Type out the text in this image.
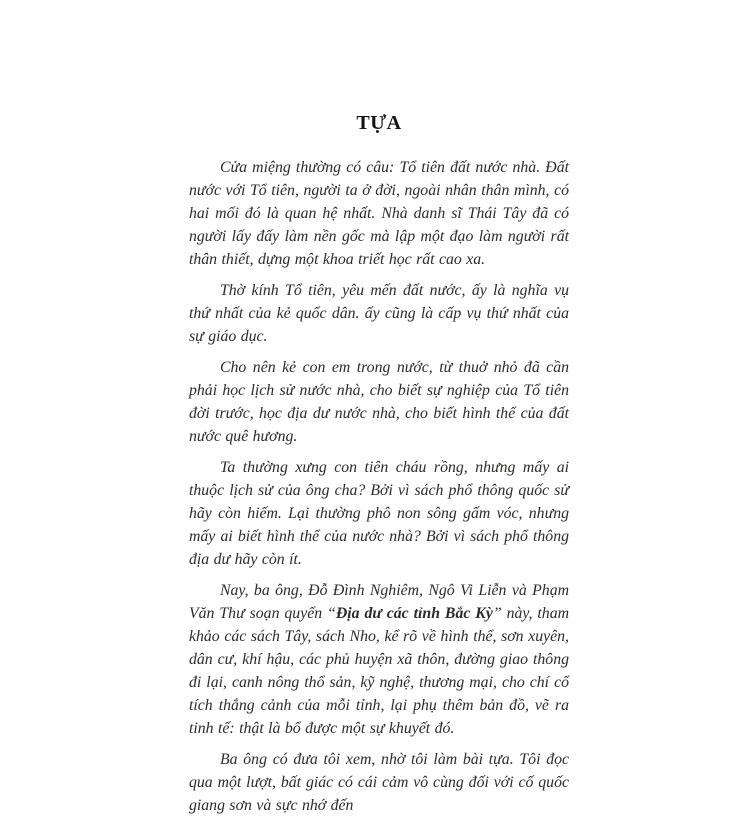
TỰA

Cửa miệng thường có câu: Tổ tiên đất nước nhà. Đất nước với Tổ tiên, người ta ở đời, ngoài nhân thân mình, có hai mối đó là quan hệ nhất. Nhà danh sĩ Thái Tây đã có người lấy đấy làm nền gốc mà lập một đạo làm người rất thân thiết, dựng một khoa triết học rất cao xa.

Thờ kính Tổ tiên, yêu mến đất nước, ấy là nghĩa vụ thứ nhất của kẻ quốc dân. ấy cũng là cấp vụ thứ nhất của sự giáo dục.

Cho nên kẻ con em trong nước, từ thuở nhỏ đã cần phải học lịch sử nước nhà, cho biết sự nghiệp của Tổ tiên đời trước, học địa dư nước nhà, cho biết hình thể của đất nước quê hương.

Ta thường xưng con tiên cháu rồng, nhưng mấy ai thuộc lịch sử của ông cha? Bởi vì sách phổ thông quốc sử hãy còn hiếm. Lại thường phô non sông gấm vóc, nhưng mấy ai biết hình thể của nước nhà? Bởi vì sách phổ thông địa dư hãy còn ít.

Nay, ba ông, Đỗ Đình Nghiêm, Ngô Vi Liễn và Phạm Văn Thư soạn quyển “Địa dư các tỉnh Bắc Kỳ” này, tham khảo các sách Tây, sách Nho, kể rõ về hình thể, sơn xuyên, dân cư, khí hậu, các phủ huyện xã thôn, đường giao thông đi lại, canh nông thổ sản, kỹ nghệ, thương mại, cho chí cổ tích thắng cảnh của mỗi tỉnh, lại phụ thêm bản đồ, vẽ ra tinh tế: thật là bổ được một sự khuyết đó.

Ba ông có đưa tôi xem, nhờ tôi làm bài tựa. Tôi đọc qua một lượt, bất giác có cái cảm vô cùng đối với cố quốc giang sơn và sực nhớ đến
